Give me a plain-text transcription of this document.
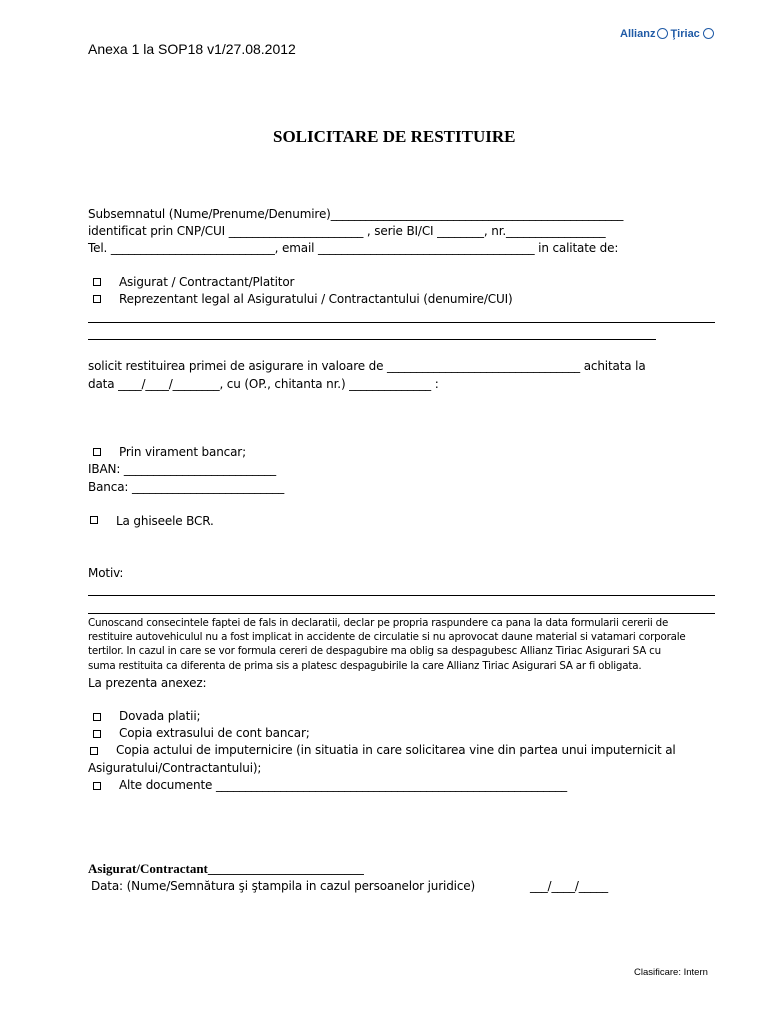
Anexa 1 la SOP18 v1/27.08.2012
Allianz Ţiriac
SOLICITARE DE RESTITUIRE
Subsemnatul (Nume/Prenume/Denumire)__________________________________________________
identificat prin CNP/CUI _______________________ , serie BI/CI ________, nr._________________
Tel. ____________________________, email _____________________________________ in calitate de:
Asigurat / Contractant/Platitor
Reprezentant legal al Asiguratului / Contractantului (denumire/CUI)
solicit restituirea primei de asigurare in valoare de _________________________________ achitata la
data ____/____/________, cu (OP., chitanta nr.) ______________ :
Prin virament bancar;
IBAN: __________________________
Banca: __________________________
La ghiseele BCR.
Motiv:
Cunoscand consecintele faptei de fals in declaratii, declar pe propria raspundere ca pana la data formularii cererii de
restituire autovehiculul nu a fost implicat in accidente de circulatie si nu aprovocat daune material si vatamari corporale
tertilor. In cazul in care se vor formula cereri de despagubire ma oblig sa despagubesc Allianz Tiriac Asigurari SA cu
suma restituita ca diferenta de prima sis a platesc despagubirile la care Allianz Tiriac Asigurari SA ar fi obligata.
La prezenta anexez:
Dovada platii;
Copia extrasului de cont bancar;
Copia actului de imputernicire (in situatia in care solicitarea vine din partea unui imputernicit al
Asiguratului/Contractantului);
Alte documente ____________________________________________________________
Asigurat/Contractant________________________
Data: (Nume/Semnătura şi ştampila in cazul persoanelor juridice)	___/____/_____
Clasificare: Intern
